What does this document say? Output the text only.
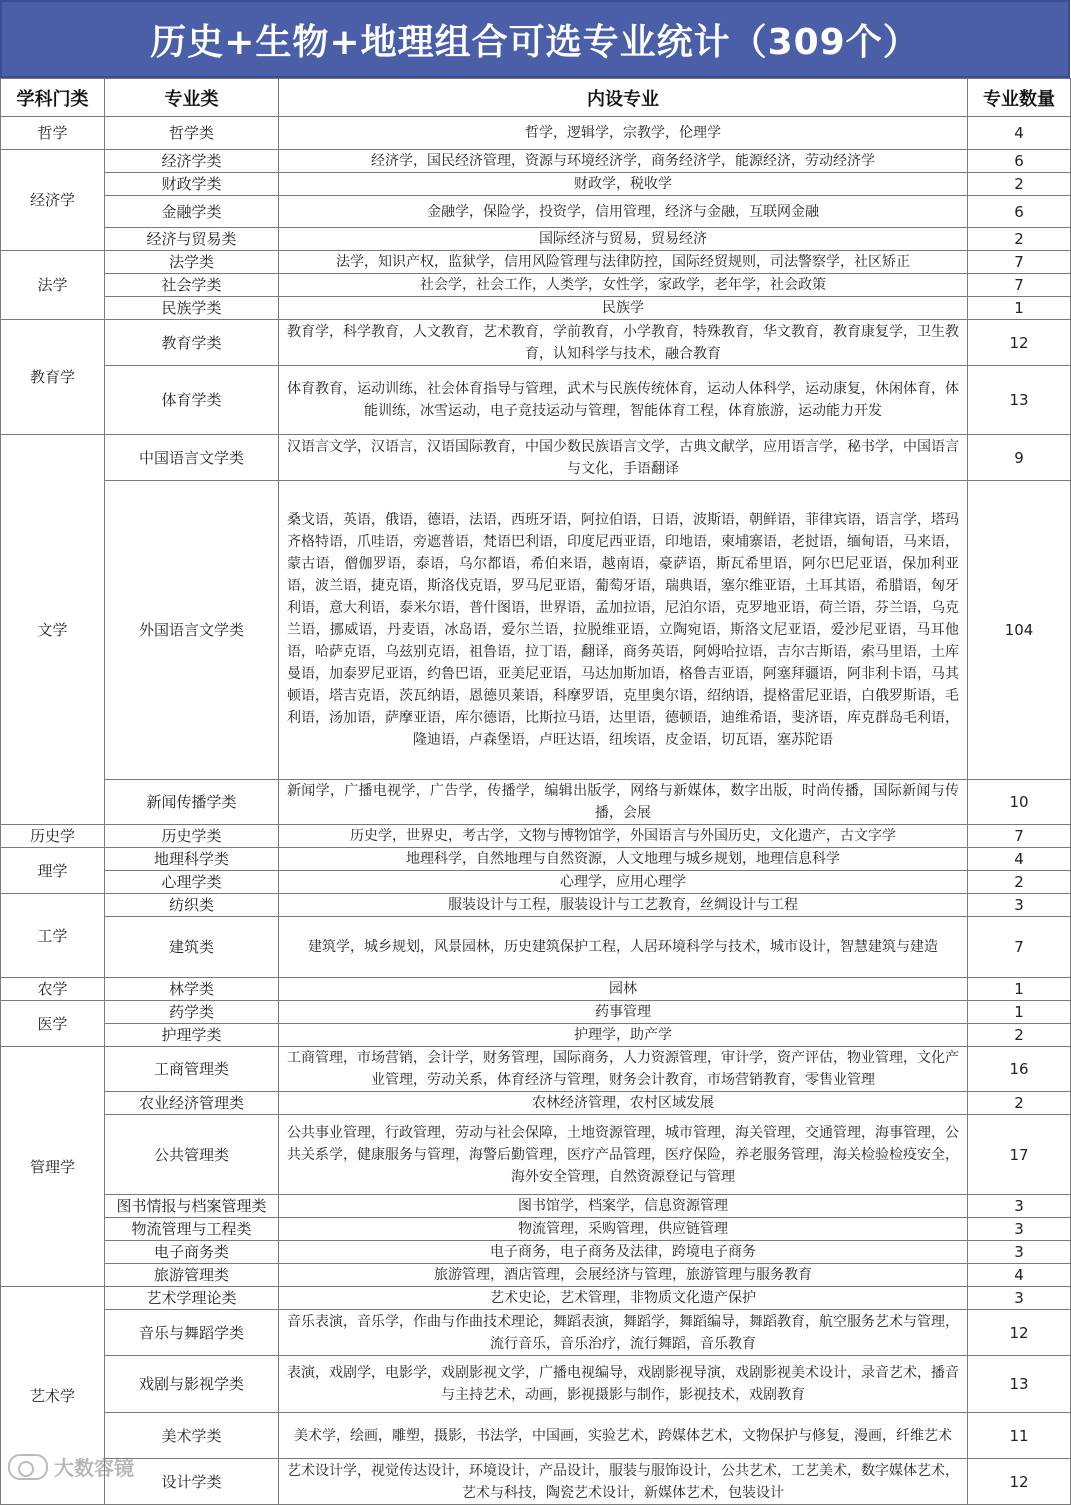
历史+生物+地理组合可选专业统计（309个）
学科门类	专业类	内设专业	专业数量
哲学	哲学类	哲学，逻辑学，宗教学，伦理学	4
经济学	经济学类	经济学，国民经济管理，资源与环境经济学，商务经济学，能源经济，劳动经济学	6
	财政学类	财政学，税收学	2
	金融学类	金融学，保险学，投资学，信用管理，经济与金融，互联网金融	6
	经济与贸易类	国际经济与贸易，贸易经济	2
法学	法学类	法学，知识产权，监狱学，信用风险管理与法律防控，国际经贸规则，司法警察学，社区矫正	7
	社会学类	社会学，社会工作，人类学，女性学，家政学，老年学，社会政策	7
	民族学类	民族学	1
教育学	教育学类	教育学，科学教育，人文教育，艺术教育，学前教育，小学教育，特殊教育，华文教育，教育康复学，卫生教育，认知科学与技术，融合教育	12
	体育学类	体育教育，运动训练，社会体育指导与管理，武术与民族传统体育，运动人体科学，运动康复，休闲体育，体能训练，冰雪运动，电子竞技运动与管理，智能体育工程，体育旅游，运动能力开发	13
文学	中国语言文学类	汉语言文学，汉语言，汉语国际教育，中国少数民族语言文学，古典文献学，应用语言学，秘书学，中国语言与文化，手语翻译	9
	外国语言文学类	桑戈语，英语，俄语，德语，法语，西班牙语，阿拉伯语，日语，波斯语，朝鲜语，菲律宾语，语言学，塔玛齐格特语，爪哇语，旁遮普语，梵语巴利语，印度尼西亚语，印地语，柬埔寨语，老挝语，缅甸语，马来语，蒙古语，僧伽罗语，泰语，乌尔都语，希伯来语，越南语，豪萨语，斯瓦希里语，阿尔巴尼亚语，保加利亚语，波兰语，捷克语，斯洛伐克语，罗马尼亚语，葡萄牙语，瑞典语，塞尔维亚语，土耳其语，希腊语，匈牙利语，意大利语，泰米尔语，普什图语，世界语，孟加拉语，尼泊尔语，克罗地亚语，荷兰语，芬兰语，乌克兰语，挪威语，丹麦语，冰岛语，爱尔兰语，拉脱维亚语，立陶宛语，斯洛文尼亚语，爱沙尼亚语，马耳他语，哈萨克语，乌兹别克语，祖鲁语，拉丁语，翻译，商务英语，阿姆哈拉语，吉尔吉斯语，索马里语，土库曼语，加泰罗尼亚语，约鲁巴语，亚美尼亚语，马达加斯加语，格鲁吉亚语，阿塞拜疆语，阿非利卡语，马其顿语，塔吉克语，茨瓦纳语，恩德贝莱语，科摩罗语，克里奥尔语，绍纳语，提格雷尼亚语，白俄罗斯语，毛利语，汤加语，萨摩亚语，库尔德语，比斯拉马语，达里语，德顿语，迪维希语，斐济语，库克群岛毛利语，隆迪语，卢森堡语，卢旺达语，纽埃语，皮金语，切瓦语，塞苏陀语	104
	新闻传播学类	新闻学，广播电视学，广告学，传播学，编辑出版学，网络与新媒体，数字出版，时尚传播，国际新闻与传播，会展	10
历史学	历史学类	历史学，世界史，考古学，文物与博物馆学，外国语言与外国历史，文化遗产，古文字学	7
理学	地理科学类	地理科学，自然地理与自然资源，人文地理与城乡规划，地理信息科学	4
	心理学类	心理学，应用心理学	2
工学	纺织类	服装设计与工程，服装设计与工艺教育，丝绸设计与工程	3
	建筑类	建筑学，城乡规划，风景园林，历史建筑保护工程，人居环境科学与技术，城市设计，智慧建筑与建造	7
农学	林学类	园林	1
医学	药学类	药事管理	1
	护理学类	护理学，助产学	2
管理学	工商管理类	工商管理，市场营销，会计学，财务管理，国际商务，人力资源管理，审计学，资产评估，物业管理，文化产业管理，劳动关系，体育经济与管理，财务会计教育，市场营销教育，零售业管理	16
	农业经济管理类	农林经济管理，农村区域发展	2
	公共管理类	公共事业管理，行政管理，劳动与社会保障，土地资源管理，城市管理，海关管理，交通管理，海事管理，公共关系学，健康服务与管理，海警后勤管理，医疗产品管理，医疗保险，养老服务管理，海关检验检疫安全，海外安全管理，自然资源登记与管理	17
	图书情报与档案管理类	图书馆学，档案学，信息资源管理	3
	物流管理与工程类	物流管理，采购管理，供应链管理	3
	电子商务类	电子商务，电子商务及法律，跨境电子商务	3
	旅游管理类	旅游管理，酒店管理，会展经济与管理，旅游管理与服务教育	4
艺术学	艺术学理论类	艺术史论，艺术管理，非物质文化遗产保护	3
	音乐与舞蹈学类	音乐表演，音乐学，作曲与作曲技术理论，舞蹈表演，舞蹈学，舞蹈编导，舞蹈教育，航空服务艺术与管理，流行音乐，音乐治疗，流行舞蹈，音乐教育	12
	戏剧与影视学类	表演，戏剧学，电影学，戏剧影视文学，广播电视编导，戏剧影视导演，戏剧影视美术设计，录音艺术，播音与主持艺术，动画，影视摄影与制作，影视技术，戏剧教育	13
	美术学类	美术学，绘画，雕塑，摄影，书法学，中国画，实验艺术，跨媒体艺术，文物保护与修复，漫画，纤维艺术	11
	设计学类	艺术设计学，视觉传达设计，环境设计，产品设计，服装与服饰设计，公共艺术，工艺美术，数字媒体艺术，艺术与科技，陶瓷艺术设计，新媒体艺术，包装设计	12
大数容镜
